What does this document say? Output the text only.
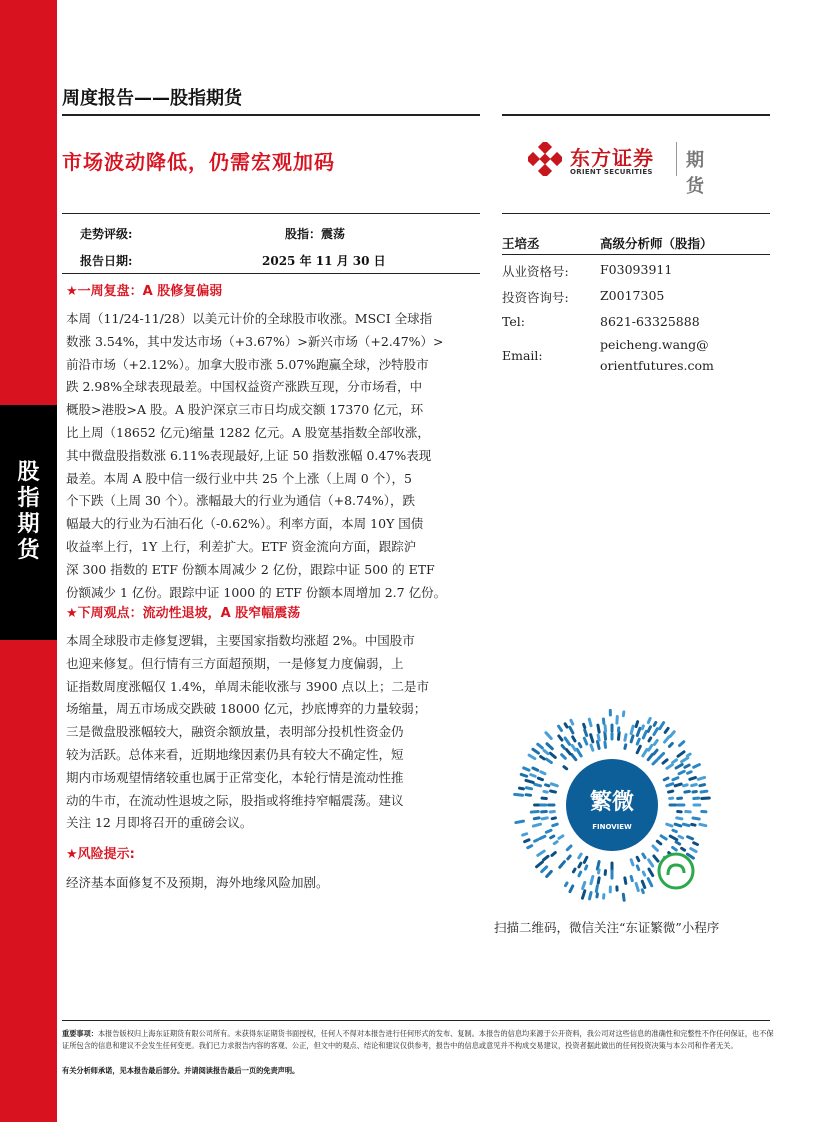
股
指
期
货
周度报告——股指期货
市场波动降低，仍需宏观加码	东方证券
ORIENT SECURITIES
期货
走势评级:	股指：震荡
报告日期:	2025 年 11 月 30 日
★一周复盘：A 股修复偏弱
本周（11/24-11/28）以美元计价的全球股市收涨。MSCI 全球指
数涨 3.54%，其中发达市场（+3.67%）>新兴市场（+2.47%）>
前沿市场（+2.12%）。加拿大股市涨 5.07%跑赢全球，沙特股市
跌 2.98%全球表现最差。中国权益资产涨跌互现，分市场看，中
概股>港股>A 股。A 股沪深京三市日均成交额 17370 亿元，环
比上周（18652 亿元)缩量 1282 亿元。A 股宽基指数全部收涨，
其中微盘股指数涨 6.11%表现最好,上证 50 指数涨幅 0.47%表现
最差。本周 A 股中信一级行业中共 25 个上涨（上周 0 个），5
个下跌（上周 30 个）。涨幅最大的行业为通信（+8.74%），跌
幅最大的行业为石油石化（-0.62%）。利率方面，本周 10Y 国债
收益率上行，1Y 上行，利差扩大。ETF 资金流向方面，跟踪沪
深 300 指数的 ETF 份额本周减少 2 亿份，跟踪中证 500 的 ETF
份额减少 1 亿份。跟踪中证 1000 的 ETF 份额本周增加 2.7 亿份。
★下周观点：流动性退坡，A 股窄幅震荡
本周全球股市走修复逻辑，主要国家指数均涨超 2%。中国股市
也迎来修复。但行情有三方面超预期，一是修复力度偏弱，上
证指数周度涨幅仅 1.4%，单周未能收涨与 3900 点以上；二是市
场缩量，周五市场成交跌破 18000 亿元，抄底博弈的力量较弱；
三是微盘股涨幅较大，融资余额放量，表明部分投机性资金仍
较为活跃。总体来看，近期地缘因素仍具有较大不确定性，短
期内市场观望情绪较重也属于正常变化，本轮行情是流动性推
动的牛市，在流动性退坡之际，股指或将维持窄幅震荡。建议
关注 12 月即将召开的重磅会议。
★风险提示:
经济基本面修复不及预期，海外地缘风险加剧。
王培丞	高级分析师（股指）
从业资格号:	F03093911
投资咨询号:	Z0017305
Tel:	8621-63325888
Email:
peicheng.wang@
orientfutures.com
繁微
FINOVIEW
扫描二维码，微信关注“东证繁微”小程序
重要事项：本报告版权归上海东证期货有限公司所有。未获得东证期货书面授权，任何人不得对本报告进行任何形式的发布、复制。本报告的信息均来源于公开资料，我公司对这些信息的准确性和完整性不作任何保证，也不保证所包含的信息和建议不会发生任何变更。我们已力求报告内容的客观、公正，但文中的观点、结论和建议仅供参考，报告中的信息或意见并不构成交易建议，投资者据此做出的任何投资决策与本公司和作者无关。
有关分析师承诺，见本报告最后部分。并请阅读报告最后一页的免责声明。
